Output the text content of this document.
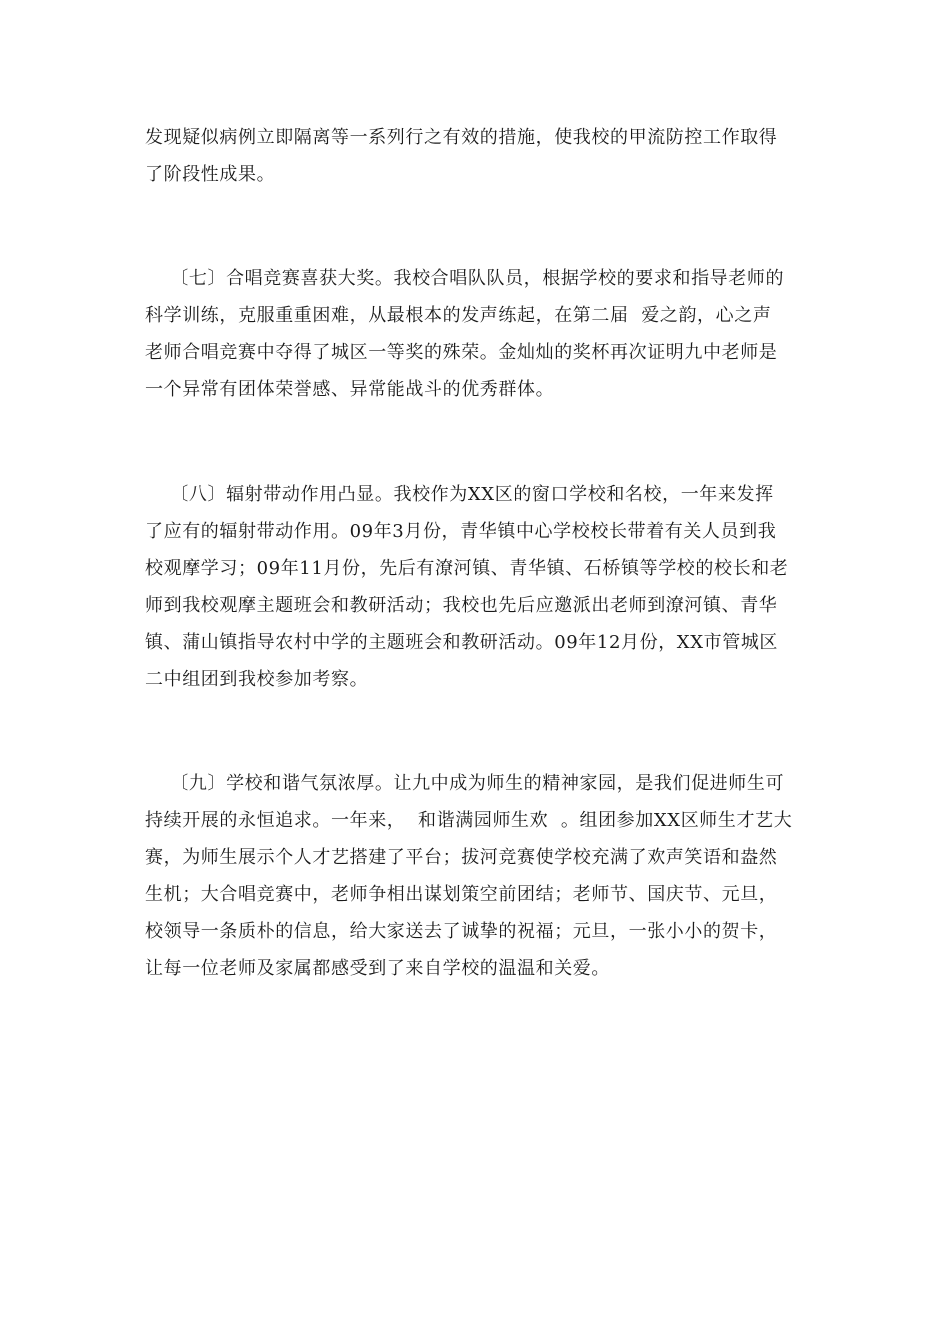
发现疑似病例立即隔离等一系列行之有效的措施，使我校的甲流防控工作取得
了阶段性成果。

〔七〕合唱竞赛喜获大奖。我校合唱队队员，根据学校的要求和指导老师的
科学训练，克服重重困难，从最根本的发声练起，在第二届  爱之韵，心之声
老师合唱竞赛中夺得了城区一等奖的殊荣。金灿灿的奖杯再次证明九中老师是
一个异常有团体荣誉感、异常能战斗的优秀群体。

〔八〕辐射带动作用凸显。我校作为XX区的窗口学校和名校，一年来发挥
了应有的辐射带动作用。09年3月份，青华镇中心学校校长带着有关人员到我
校观摩学习；09年11月份，先后有潦河镇、青华镇、石桥镇等学校的校长和老
师到我校观摩主题班会和教研活动；我校也先后应邀派出老师到潦河镇、青华
镇、蒲山镇指导农村中学的主题班会和教研活动。09年12月份，XX市管城区
二中组团到我校参加考察。

〔九〕学校和谐气氛浓厚。让九中成为师生的精神家园，是我们促进师生可
持续开展的永恒追求。一年来，  和谐满园师生欢  。组团参加XX区师生才艺大
赛，为师生展示个人才艺搭建了平台；拔河竞赛使学校充满了欢声笑语和盎然
生机；大合唱竞赛中，老师争相出谋划策空前团结；老师节、国庆节、元旦，
校领导一条质朴的信息，给大家送去了诚挚的祝福；元旦，一张小小的贺卡，
让每一位老师及家属都感受到了来自学校的温温和关爱。
